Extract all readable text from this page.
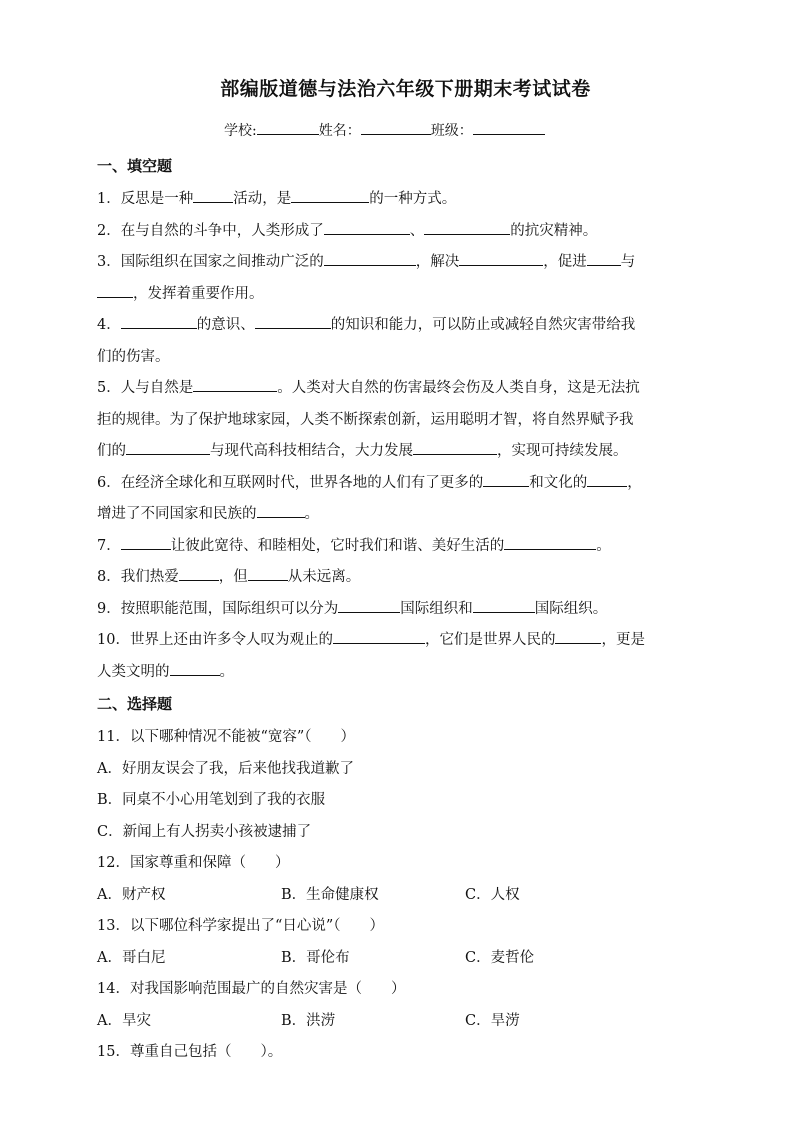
部编版道德与法治六年级下册期末考试试卷
学校:	姓名：	班级：
一、填空题
1．反思是一种	活动，是	的一种方式。
2．在与自然的斗争中，人类形成了	、	的抗灾精神。
3．国际组织在国家之间推动广泛的	，解决	，促进 与
，发挥着重要作用。
4．	的意识、	的知识和能力，可以防止或减轻自然灾害带给我
们的伤害。
5．人与自然是	。人类对大自然的伤害最终会伤及人类自身，这是无法抗
拒的规律。为了保护地球家园，人类不断探索创新，运用聪明才智，将自然界赋予我
们的	与现代高科技相结合，大力发展	，实现可持续发展。
6．在经济全球化和互联网时代，世界各地的人们有了更多的	和文化的	，
增进了不同国家和民族的	。
7．	让彼此宽待、和睦相处，它时我们和谐、美好生活的	。
8．我们热爱	，但	从未远离。
9．按照职能范围，国际组织可以分为	国际组织和	国际组织。
10．世界上还由许多令人叹为观止的	，它们是世界人民的	，更是
人类文明的	。
二、选择题
11．以下哪种情况不能被“宽容”（　　）
A．好朋友误会了我，后来他找我道歉了
B．同桌不小心用笔划到了我的衣服
C．新闻上有人拐卖小孩被逮捕了
12．国家尊重和保障（　　）
A．财产权	B．生命健康权	C．人权
13．以下哪位科学家提出了“日心说”（　　）
A．哥白尼	B．哥伦布	C．麦哲伦
14．对我国影响范围最广的自然灾害是（　　）
A．旱灾	B．洪涝	C．旱涝
15．尊重自己包括（　　）。
